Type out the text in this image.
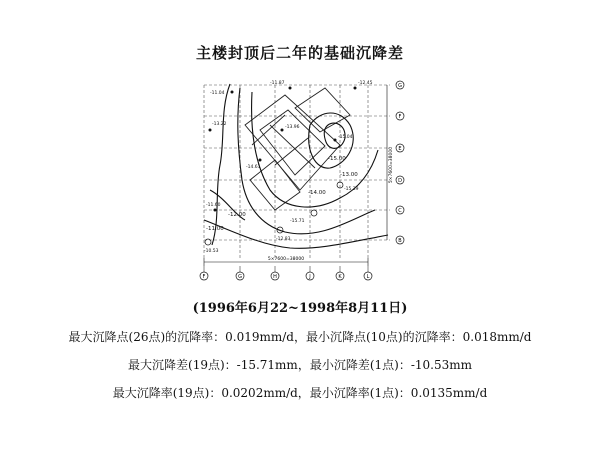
主楼封顶后二年的基础沉降差
-11.00
-12.00
-13.00
-14.00
-15.00
-10.53
-11.04
-11.87	-12.45
-13.22
-13.96
-14.61
-15.04
-15.39
-15.71
-12.83
-11.60
5×7600=38000
5×7600=38000
F	G	H	J	K	L
G
F
E
D
C
B
(1996年6月22~1998年8月11日)
最大沉降点(26点)的沉降率：0.019mm/d，最小沉降点(10点)的沉降率：0.018mm/d
最大沉降差(19点)：-15.71mm，最小沉降差(1点)：-10.53mm
最大沉降率(19点)：0.0202mm/d，最小沉降率(1点)：0.0135mm/d
